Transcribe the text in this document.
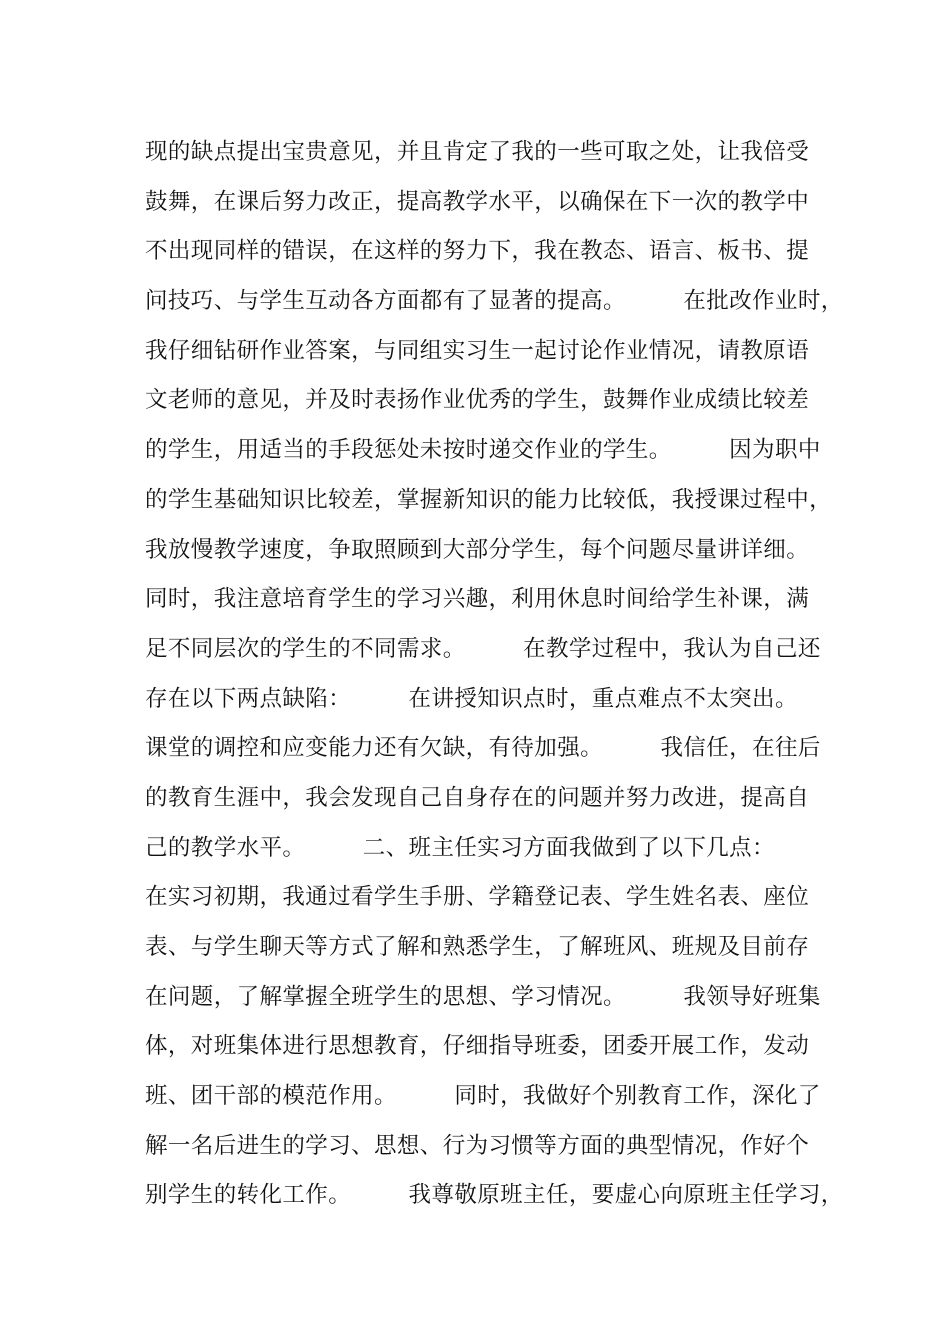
现的缺点提出宝贵意见，并且肯定了我的一些可取之处，让我倍受
鼓舞，在课后努力改正，提高教学水平，以确保在下一次的教学中
不出现同样的错误，在这样的努力下，我在教态、语言、板书、提
问技巧、与学生互动各方面都有了显著的提高。　　　在批改作业时，
我仔细钻研作业答案，与同组实习生一起讨论作业情况，请教原语
文老师的意见，并及时表扬作业优秀的学生，鼓舞作业成绩比较差
的学生，用适当的手段惩处未按时递交作业的学生。　　　因为职中
的学生基础知识比较差，掌握新知识的能力比较低，我授课过程中，
我放慢教学速度，争取照顾到大部分学生，每个问题尽量讲详细。
同时，我注意培育学生的学习兴趣，利用休息时间给学生补课，满
足不同层次的学生的不同需求。　　　在教学过程中，我认为自己还
存在以下两点缺陷：　　　在讲授知识点时，重点难点不太突出。
课堂的调控和应变能力还有欠缺，有待加强。　　　我信任，在往后
的教育生涯中，我会发现自己自身存在的问题并努力改进，提高自
己的教学水平。　　　二、班主任实习方面我做到了以下几点：
在实习初期，我通过看学生手册、学籍登记表、学生姓名表、座位
表、与学生聊天等方式了解和熟悉学生，了解班风、班规及目前存
在问题，了解掌握全班学生的思想、学习情况。　　　我领导好班集
体，对班集体进行思想教育，仔细指导班委，团委开展工作，发动
班、团干部的模范作用。　　　同时，我做好个别教育工作，深化了
解一名后进生的学习、思想、行为习惯等方面的典型情况，作好个
别学生的转化工作。　　　我尊敬原班主任，要虚心向原班主任学习，
